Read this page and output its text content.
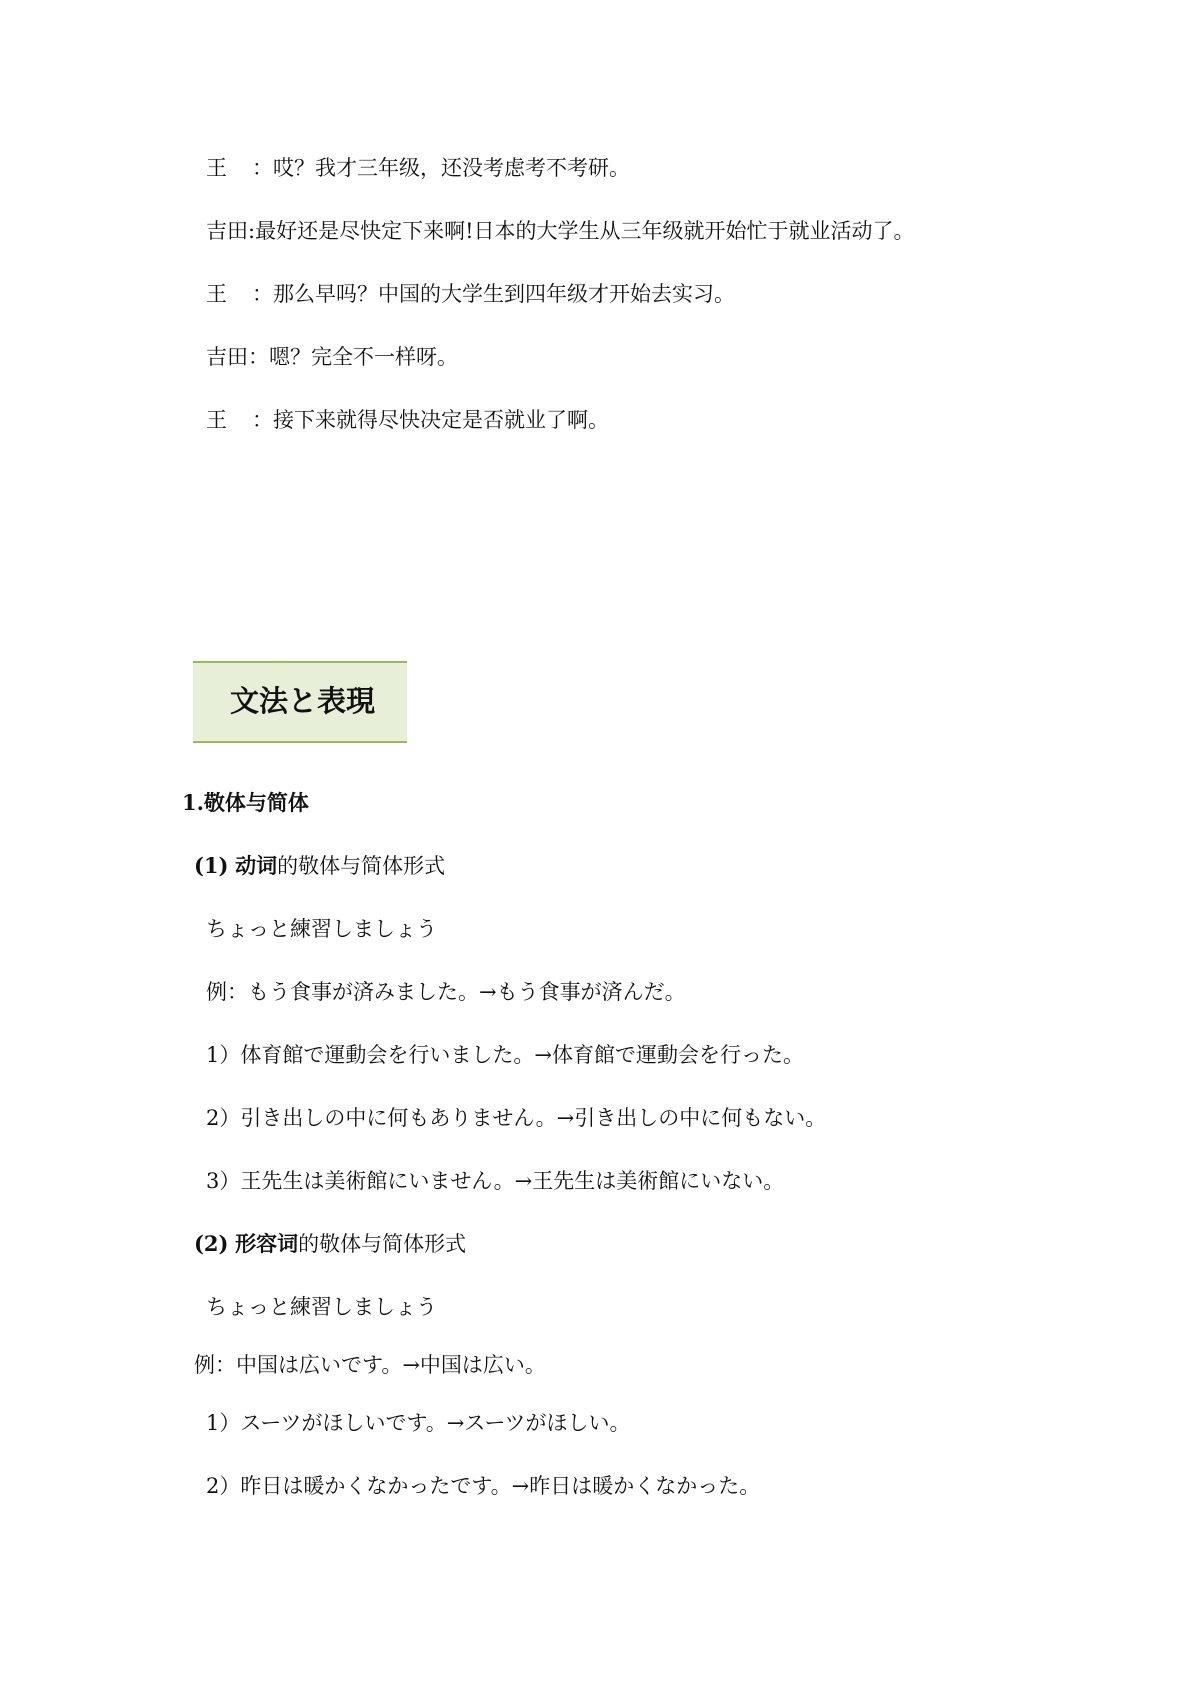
王 ：哎？我才三年级，还没考虑考不考研。
吉田:最好还是尽快定下来啊!日本的大学生从三年级就开始忙于就业活动了。
王 ：那么早吗？中国的大学生到四年级才开始去实习。
吉田：嗯？完全不一样呀。
王 ：接下来就得尽快决定是否就业了啊。
文法と表現
1.敬体与简体
(1) 动词的敬体与简体形式
ちょっと練習しましょう
例：もう食事が済みました。→もう食事が済んだ。
1）体育館で運動会を行いました。→体育館で運動会を行った。
2）引き出しの中に何もありません。→引き出しの中に何もない。
3）王先生は美術館にいません。→王先生は美術館にいない。
(2) 形容词的敬体与简体形式
ちょっと練習しましょう
例：中国は広いです。→中国は広い。
1）スーツがほしいです。→スーツがほしい。
2）昨日は暖かくなかったです。→昨日は暖かくなかった。
